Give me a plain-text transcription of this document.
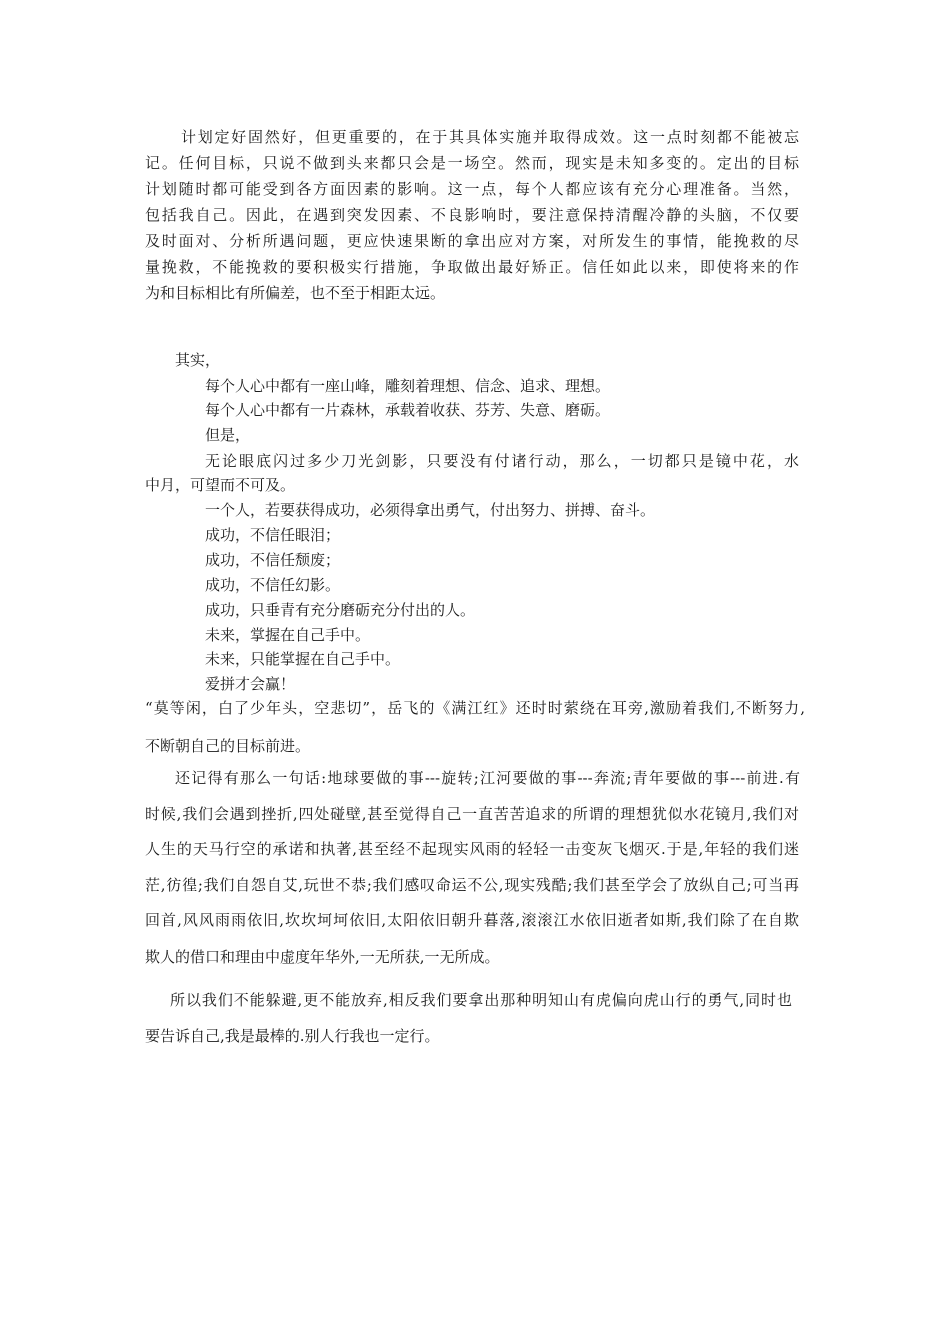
计划定好固然好，但更重要的，在于其具体实施并取得成效。这一点时刻都不能被忘
记。任何目标，只说不做到头来都只会是一场空。然而，现实是未知多变的。定出的目标
计划随时都可能受到各方面因素的影响。这一点，每个人都应该有充分心理准备。当然，
包括我自己。因此，在遇到突发因素、不良影响时，要注意保持清醒冷静的头脑，不仅要
及时面对、分析所遇问题，更应快速果断的拿出应对方案，对所发生的事情，能挽救的尽
量挽救，不能挽救的要积极实行措施，争取做出最好矫正。信任如此以来，即使将来的作
为和目标相比有所偏差，也不至于相距太远。
其实，
每个人心中都有一座山峰，雕刻着理想、信念、追求、理想。
每个人心中都有一片森林，承载着收获、芬芳、失意、磨砺。
但是，
无论眼底闪过多少刀光剑影，只要没有付诸行动，那么，一切都只是镜中花，水
中月，可望而不可及。
一个人，若要获得成功，必须得拿出勇气，付出努力、拼搏、奋斗。
成功，不信任眼泪；
成功，不信任颓废；
成功，不信任幻影。
成功，只垂青有充分磨砺充分付出的人。
未来，掌握在自己手中。
未来，只能掌握在自己手中。
爱拼才会赢！
“莫等闲，白了少年头，空悲切”，岳飞的《满江红》还时时萦绕在耳旁,激励着我们,不断努力,
不断朝自己的目标前进。
还记得有那么一句话:地球要做的事---旋转;江河要做的事---奔流;青年要做的事---前进.有
时候,我们会遇到挫折,四处碰壁,甚至觉得自己一直苦苦追求的所谓的理想犹似水花镜月,我们对
人生的天马行空的承诺和执著,甚至经不起现实风雨的轻轻一击变灰飞烟灭.于是,年轻的我们迷
茫,彷徨;我们自怨自艾,玩世不恭;我们感叹命运不公,现实残酷;我们甚至学会了放纵自己;可当再
回首,风风雨雨依旧,坎坎坷坷依旧,太阳依旧朝升暮落,滚滚江水依旧逝者如斯,我们除了在自欺
欺人的借口和理由中虚度年华外,一无所获,一无所成。
所以我们不能躲避,更不能放弃,相反我们要拿出那种明知山有虎偏向虎山行的勇气,同时也
要告诉自己,我是最棒的.别人行我也一定行。
